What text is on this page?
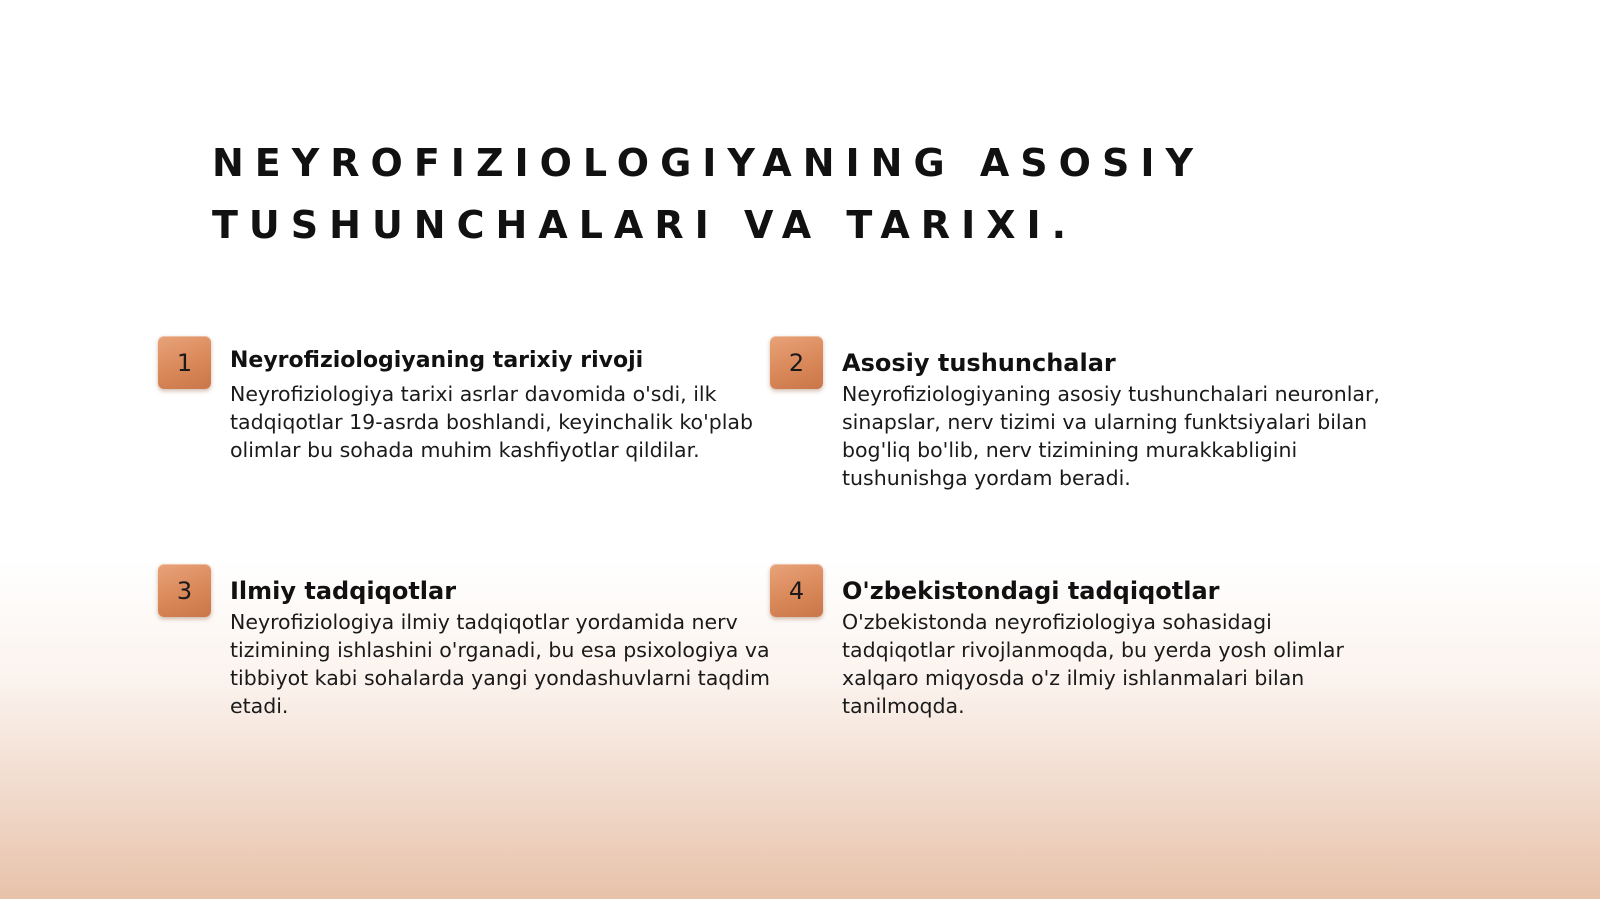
NEYROFIZIOLOGIYANING ASOSIY TUSHUNCHALARI VA TARIXI.
1	Neyrofiziologiyaning tarixiy rivoji

Neyrofiziologiya tarixi asrlar davomida o'sdi, ilk tadqiqotlar 19-asrda boshlandi, keyinchalik ko'plab olimlar bu sohada muhim kashfiyotlar qildilar.

2	Asosiy tushunchalar

Neyrofiziologiyaning asosiy tushunchalari neuronlar, sinapslar, nerv tizimi va ularning funktsiyalari bilan bog'liq bo'lib, nerv tizimining murakkabligini tushunishga yordam beradi.

3	Ilmiy tadqiqotlar

Neyrofiziologiya ilmiy tadqiqotlar yordamida nerv tizimining ishlashini o'rganadi, bu esa psixologiya va tibbiyot kabi sohalarda yangi yondashuvlarni taqdim etadi.

4	O'zbekistondagi tadqiqotlar

O'zbekistonda neyrofiziologiya sohasidagi tadqiqotlar rivojlanmoqda, bu yerda yosh olimlar xalqaro miqyosda o'z ilmiy ishlanmalari bilan tanilmoqda.
